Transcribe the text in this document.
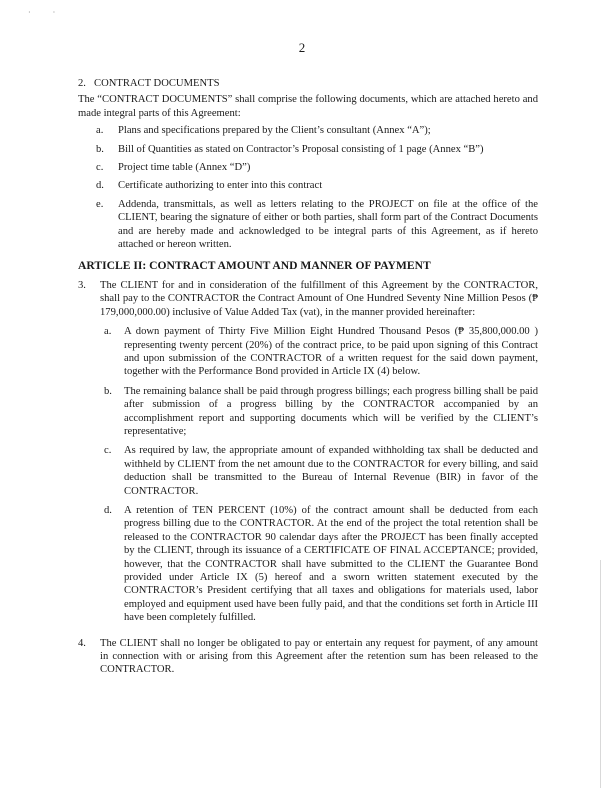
· ·
2
2. CONTRACT DOCUMENTS

The “CONTRACT DOCUMENTS” shall comprise the following documents, which are attached hereto and made integral parts of this Agreement:

a.	Plans and specifications prepared by the Client’s consultant (Annex “A”);
b.	Bill of Quantities as stated on Contractor’s Proposal consisting of 1 page (Annex “B”)
c.	Project time table (Annex “D”)
d.	Certificate authorizing to enter into this contract
e.	Addenda, transmittals, as well as letters relating to the PROJECT on file at the office of the CLIENT, bearing the signature of either or both parties, shall form part of the Contract Documents and are hereby made and acknowledged to be integral parts of this Agreement, as if hereto attached or hereon written.
ARTICLE II: CONTRACT AMOUNT AND MANNER OF PAYMENT
3.	The CLIENT for and in consideration of the fulfillment of this Agreement by the CONTRACTOR, shall pay to the CONTRACTOR the Contract Amount of One Hundred Seventy Nine Million Pesos (₱ 179,000,000.00) inclusive of Value Added Tax (vat), in the manner provided hereinafter:

a.	A down payment of Thirty Five Million Eight Hundred Thousand Pesos (₱ 35,800,000.00 ) representing twenty percent (20%) of the contract price, to be paid upon signing of this Contract and upon submission of the CONTRACTOR of a written request for the said down payment, together with the Performance Bond provided in Article IX (4) below.
b.	The remaining balance shall be paid through progress billings; each progress billing shall be paid after submission of a progress billing by the CONTRACTOR accompanied by an accomplishment report and supporting documents which will be verified by the CLIENT’s representative;
c.	As required by law, the appropriate amount of expanded withholding tax shall be deducted and withheld by CLIENT from the net amount due to the CONTRACTOR for every billing, and said deduction shall be transmitted to the Bureau of Internal Revenue (BIR) in favor of the CONTRACTOR.
d.	A retention of TEN PERCENT (10%) of the contract amount shall be deducted from each progress billing due to the CONTRACTOR. At the end of the project the total retention shall be released to the CONTRACTOR 90 calendar days after the PROJECT has been finally accepted by the CLIENT, through its issuance of a CERTIFICATE OF FINAL ACCEPTANCE; provided, however, that the CONTRACTOR shall have submitted to the CLIENT the Guarantee Bond provided under Article IX (5) hereof and a sworn written statement executed by the CONTRACTOR’s President certifying that all taxes and obligations for materials used, labor employed and equipment used have been fully paid, and that the conditions set forth in Article III have been completely fulfilled.
4.	The CLIENT shall no longer be obligated to pay or entertain any request for payment, of any amount in connection with or arising from this Agreement after the retention sum has been released to the CONTRACTOR.
